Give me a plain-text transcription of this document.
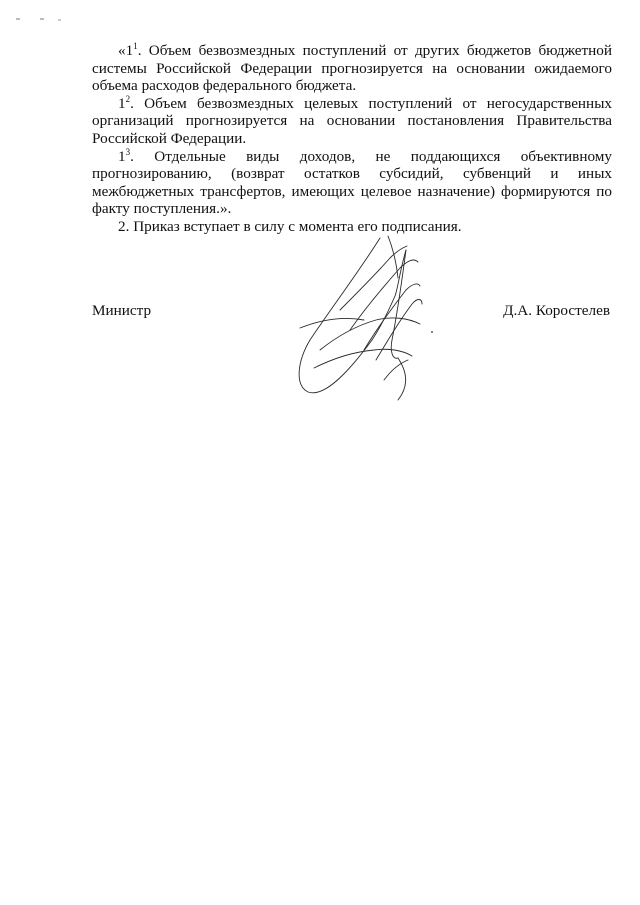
«$1^1$. Объем безвозмездных поступлений от других бюджетов бюджетной системы Российской Федерации прогнозируется на основании ожидаемого объема расходов федерального бюджета.

$1^2$. Объем безвозмездных целевых поступлений от негосударственных организаций прогнозируется на основании постановления Правительства Российской Федерации.

$1^3$. Отдельные виды доходов, не поддающихся объективному прогнозированию, (возврат остатков субсидий, субвенций и иных межбюджетных трансфертов, имеющих целевое назначение) формируются по факту поступления.».

2. Приказ вступает в силу с момента его подписания.

Министр	Д.А. Коростелев
